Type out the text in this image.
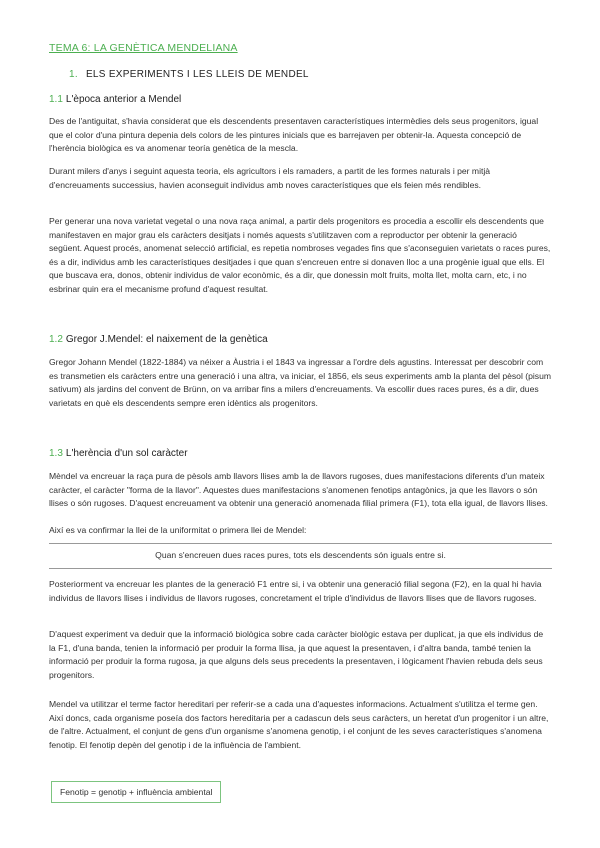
TEMA 6: LA GENÈTICA MENDELIANA
1. ELS EXPERIMENTS I LES LLEIS DE MENDEL
1.1 L'època anterior a Mendel

Des de l'antiguitat, s'havia considerat que els descendents presentaven característiques intermèdies dels seus progenitors, igual que el color d'una pintura depenia dels colors de les pintures inicials que es barrejaven per obtenir-la. Aquesta concepció de l'herència biològica es va anomenar teoría genètica de la mescla.

Durant milers d'anys i seguint aquesta teoria, els agricultors i els ramaders, a partit de les formes naturals i per mitjà d'encreuaments successius, havien aconseguit individus amb noves característiques que els feien més rendibles.

Per generar una nova varietat vegetal o una nova raça animal, a partir dels progenitors es procedia a escollir els descendents que manifestaven en major grau els caràcters desitjats i només aquests s'utilitzaven com a reproductor per obtenir la generació següent. Aquest procés, anomenat selecció artificial, es repetia nombroses vegades fins que s'aconseguien varietats o races pures, és a dir, individus amb les característiques desitjades i que quan s'encreuen entre si donaven lloc a una progènie igual que ells. El que buscava era, donos, obtenir individus de valor econòmic, és a dir, que donessin molt fruits, molta llet, molta carn, etc, i no esbrinar quin era el mecanisme profund d'aquest resultat.

1.2 Gregor J.Mendel: el naixement de la genètica

Gregor Johann Mendel (1822-1884) va néixer a Àustria i el 1843 va ingressar a l'ordre dels agustins. Interessat per descobrir com es transmetien els caràcters entre una generació i una altra, va iniciar, el 1856, els seus experiments amb la planta del pèsol (pisum sativum) als jardins del convent de Brünn, on va arribar fins a milers d'encreuaments. Va escollir dues races pures, és a dir, dues varietats en què els descendents sempre eren idèntics als progenitors.

1.3 L'herència d'un sol caràcter

Mèndel va encreuar la raça pura de pèsols amb llavors llises amb la de llavors rugoses, dues manifestacions diferents d'un mateix caràcter, el caràcter "forma de la llavor". Aquestes dues manifestacions s'anomenen fenotips antagònics, ja que les llavors o són llises o són rugoses. D'aquest encreuament va obtenir una generació anomenada filial primera (F1), tota ella igual, de llavors llises.

Així es va confirmar la llei de la uniformitat o primera llei de Mendel:

Quan s'encreuen dues races pures, tots els descendents són iguals entre si.

Posteriorment va encreuar les plantes de la generació F1 entre si, i va obtenir una generació filial segona (F2), en la qual hi havia individus de llavors llises i individus de llavors rugoses, concretament el triple d'individus de llavors llises que de llavors rugoses.

D'aquest experiment va deduir que la informació biològica sobre cada caràcter biològic estava per duplicat, ja que els individus de la F1, d'una banda, tenien la informació per produir la forma llisa, ja que aquest la presentaven, i d'altra banda, també tenien la informació per produir la forma rugosa, ja que alguns dels seus precedents la presentaven, i lògicament l'havien rebuda dels seus progenitors.

Mendel va utilitzar el terme factor hereditari per referir-se a cada una d'aquestes informacions. Actualment s'utilitza el terme gen. Així doncs, cada organisme poseía dos factors hereditaria per a cadascun dels seus caràcters, un heretat d'un progenitor i un altre, de l'altre. Actualment, el conjunt de gens d'un organisme s'anomena genotip, i el conjunt de les seves característiques s'anomena fenotip. El fenotip depèn del genotip i de la influència de l'ambient.

Fenotip = genotip + influència ambiental
